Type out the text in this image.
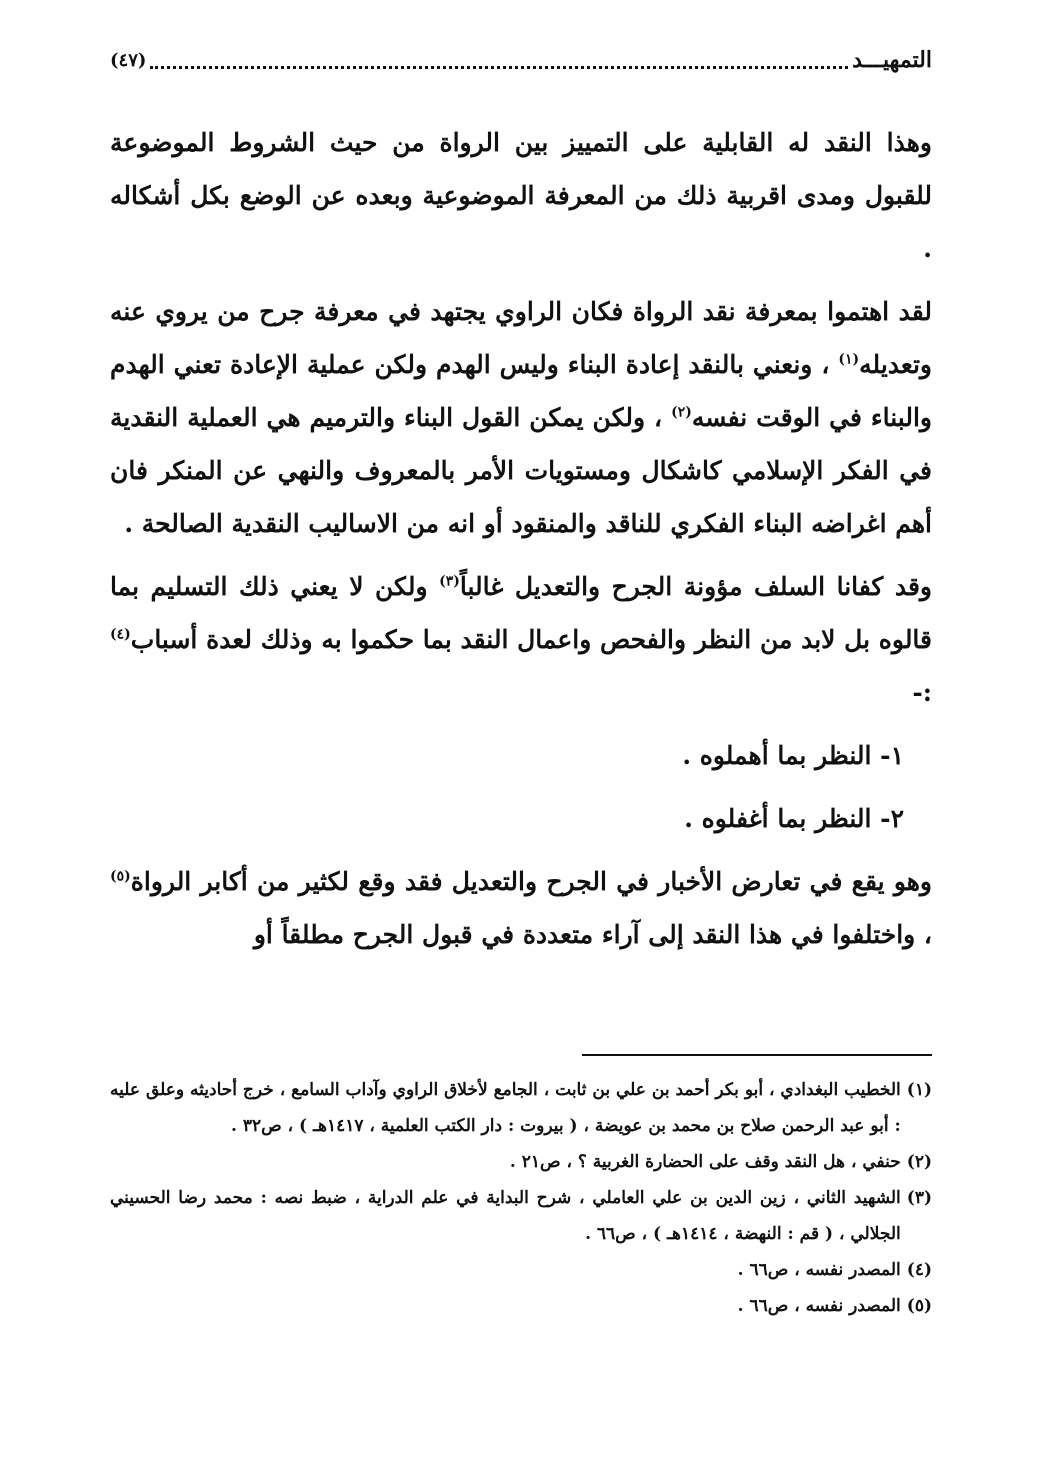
التمهيـــد
(٤٧)

وهذا النقد له القابلية على التمييز بين الرواة من حيث الشروط الموضوعة للقبول ومدى اقربية ذلك من المعرفة الموضوعية وبعده عن الوضع بكل أشكاله .

لقد اهتموا بمعرفة نقد الرواة فكان الراوي يجتهد في معرفة جرح من يروي عنه وتعديله$^{(١)}$ ، ونعني بالنقد إعادة البناء وليس الهدم ولكن عملية الإعادة تعني الهدم والبناء في الوقت نفسه$^{(٢)}$ ، ولكن يمكن القول البناء والترميم هي العملية النقدية في الفكر الإسلامي كاشكال ومستويات الأمر بالمعروف والنهي عن المنكر فان أهم اغراضه البناء الفكري للناقد والمنقود أو انه من الاساليب النقدية الصالحة .

وقد كفانا السلف مؤونة الجرح والتعديل غالباً$^{(٣)}$ ولكن لا يعني ذلك التسليم بما قالوه بل لابد من النظر والفحص واعمال النقد بما حكموا به وذلك لعدة أسباب$^{(٤)}$ :-

١- النظر بما أهملوه .

٢- النظر بما أغفلوه .

وهو يقع في تعارض الأخبار في الجرح والتعديل فقد وقع لكثير من أكابر الرواة$^{(٥)}$ ، واختلفوا في هذا النقد إلى آراء متعددة في قبول الجرح مطلقاً أو

(١)
الخطيب البغدادي ، أبو بكر أحمد بن علي بن ثابت ، الجامع لأخلاق الراوي وآداب السامع ، خرج أحاديثه وعلق عليه : أبو عبد الرحمن صلاح بن محمد بن عويضة ، ( بيروت : دار الكتب العلمية ، ١٤١٧هـ ) ، ص٣٢ .
(٢)
حنفي ، هل النقد وقف على الحضارة الغربية ؟ ، ص٢١ .
(٣)
الشهيد الثاني ، زين الدين بن علي العاملي ، شرح البداية في علم الدراية ، ضبط نصه : محمد رضا الحسيني الجلالي ، ( قم : النهضة ، ١٤١٤هـ ) ، ص٦٦ .
(٤)
المصدر نفسه ، ص٦٦ .
(٥)
المصدر نفسه ، ص٦٦ .
